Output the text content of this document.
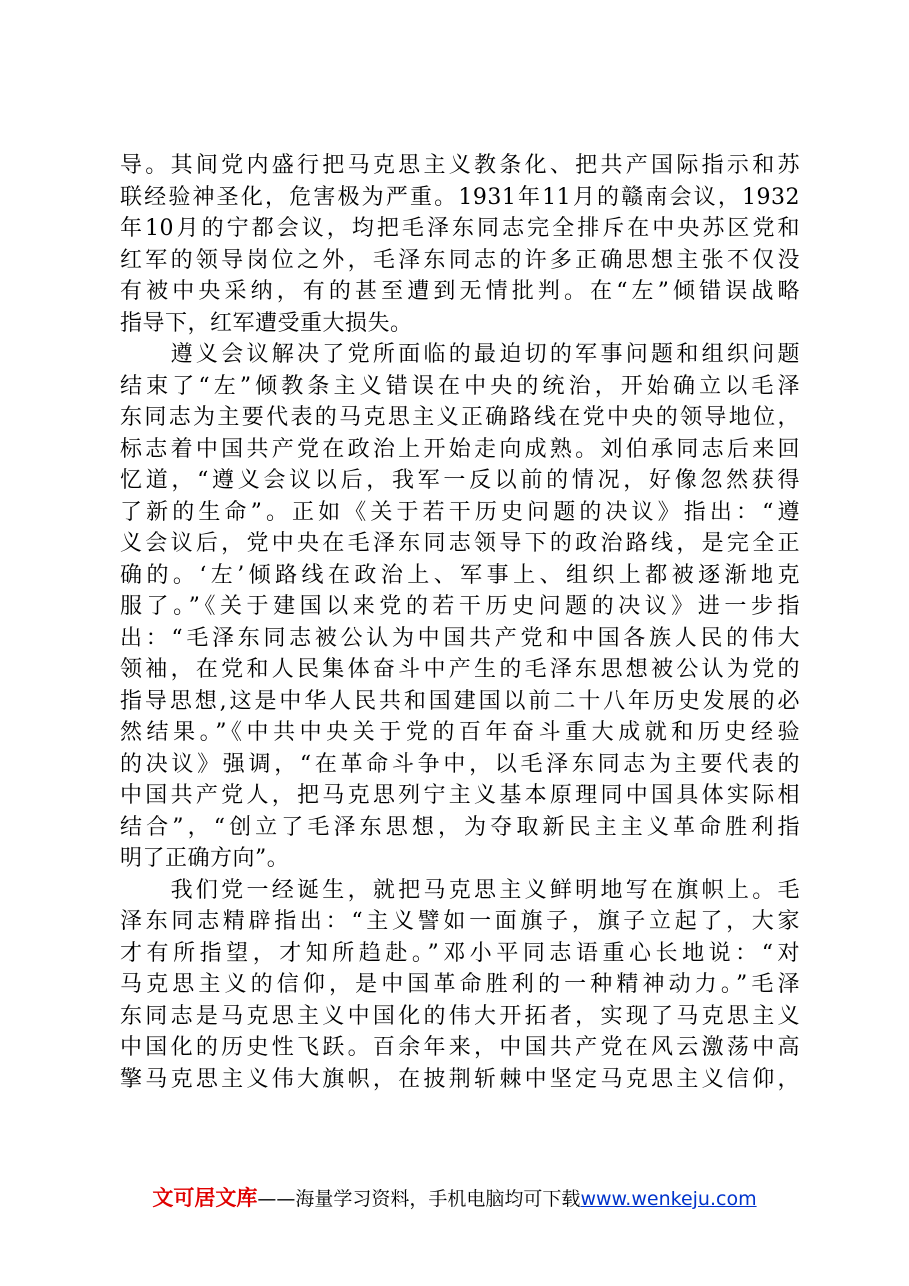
导。其间党内盛行把马克思主义教条化、把共产国际指示和苏
联经验神圣化，危害极为严重。1931年11月的赣南会议，1932
年10月的宁都会议，均把毛泽东同志完全排斥在中央苏区党和
红军的领导岗位之外，毛泽东同志的许多正确思想主张不仅没
有被中央采纳，有的甚至遭到无情批判。在“左”倾错误战略
指导下，红军遭受重大损失。
　　遵义会议解决了党所面临的最迫切的军事问题和组织问题
结束了“左”倾教条主义错误在中央的统治，开始确立以毛泽
东同志为主要代表的马克思主义正确路线在党中央的领导地位，
标志着中国共产党在政治上开始走向成熟。刘伯承同志后来回
忆道，“遵义会议以后，我军一反以前的情况，好像忽然获得
了新的生命”。正如《关于若干历史问题的决议》指出：“遵
义会议后，党中央在毛泽东同志领导下的政治路线，是完全正
确的。‘左’倾路线在政治上、军事上、组织上都被逐渐地克
服了。”《关于建国以来党的若干历史问题的决议》进一步指
出：“毛泽东同志被公认为中国共产党和中国各族人民的伟大
领袖，在党和人民集体奋斗中产生的毛泽东思想被公认为党的
指导思想,这是中华人民共和国建国以前二十八年历史发展的必
然结果。”《中共中央关于党的百年奋斗重大成就和历史经验
的决议》强调，“在革命斗争中，以毛泽东同志为主要代表的
中国共产党人，把马克思列宁主义基本原理同中国具体实际相
结合”，“创立了毛泽东思想，为夺取新民主主义革命胜利指
明了正确方向”。
　　我们党一经诞生，就把马克思主义鲜明地写在旗帜上。毛
泽东同志精辟指出：“主义譬如一面旗子，旗子立起了，大家
才有所指望，才知所趋赴。”邓小平同志语重心长地说：“对
马克思主义的信仰，是中国革命胜利的一种精神动力。”毛泽
东同志是马克思主义中国化的伟大开拓者，实现了马克思主义
中国化的历史性飞跃。百余年来，中国共产党在风云激荡中高
擎马克思主义伟大旗帜，在披荆斩棘中坚定马克思主义信仰，
文可居文库——海量学习资料，手机电脑均可下载www.wenkeju.com
